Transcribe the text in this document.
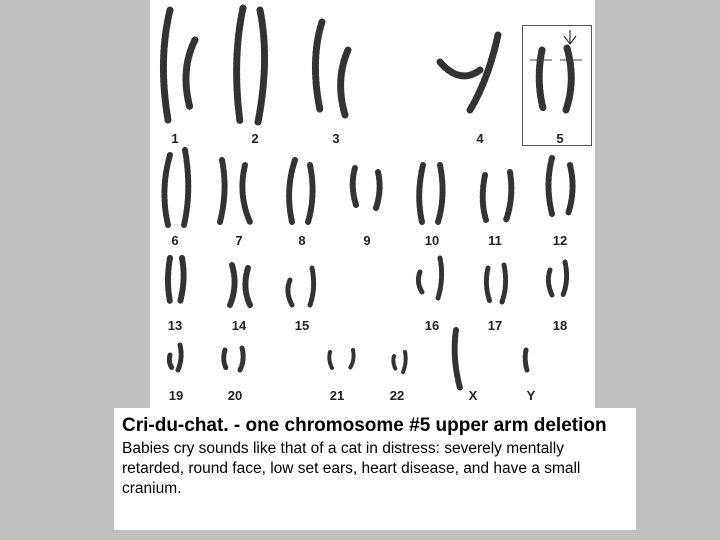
1	2	3	4	5
6	7	8	9	10	11	12
13	14	15	16	17	18
19	20	21	22	X	Y
Cri-du-chat. - one chromosome #5 upper arm deletion
Babies cry sounds like that of a cat in distress: severely mentally retarded, round face, low set ears, heart disease, and have a small cranium.
